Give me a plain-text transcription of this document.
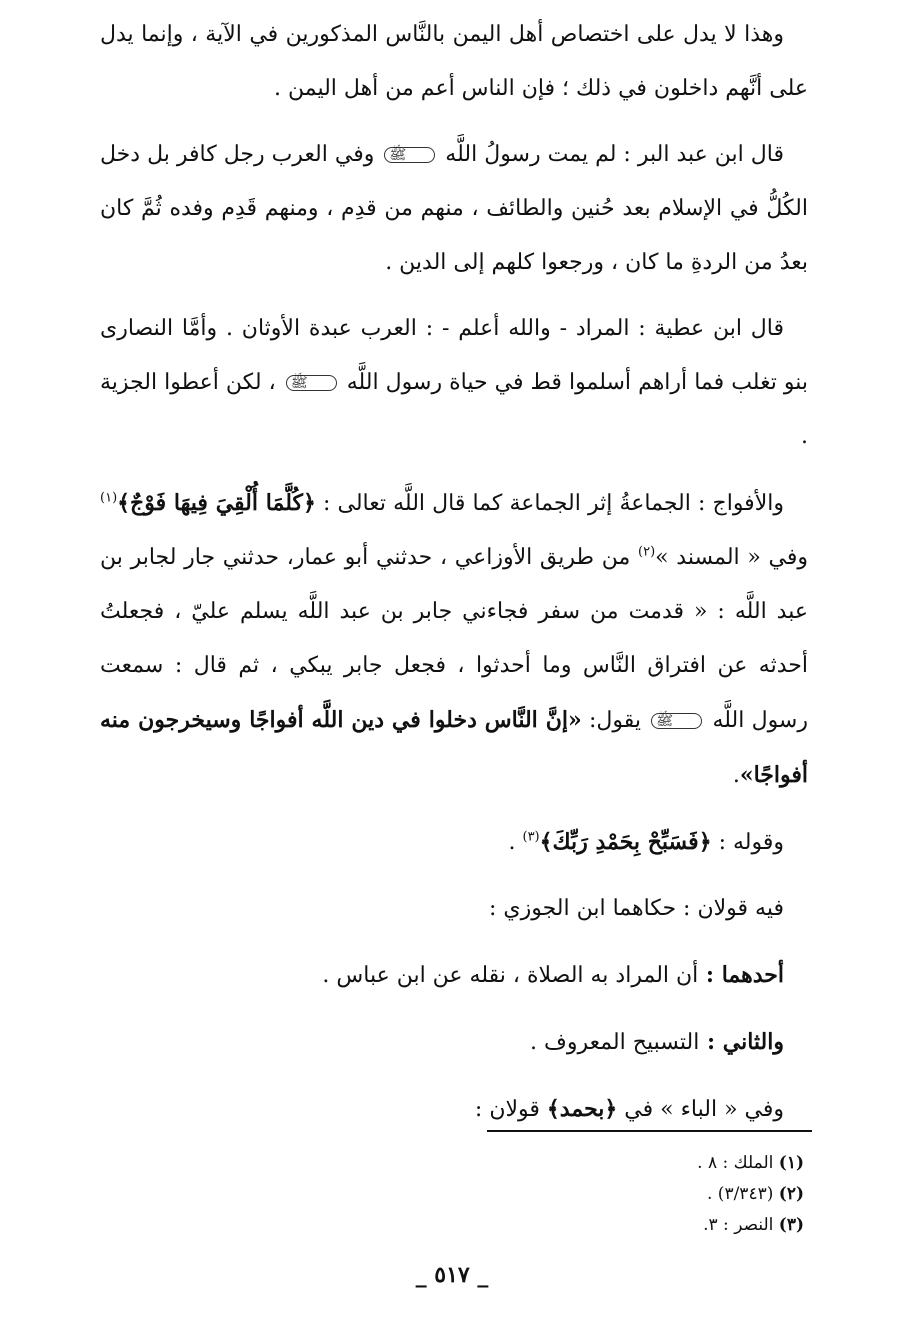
وهذا لا يدل على اختصاص أهل اليمن بالنَّاس المذكورين في الآية ، وإنما يدل على أنَّهم داخلون في ذلك ؛ فإن الناس أعم من أهل اليمن .

قال ابن عبد البر : لم يمت رسولُ اللَّه ﷺ وفي العرب رجل كافر بل دخل الكُلُّ في الإسلام بعد حُنين والطائف ، منهم من قدِم ، ومنهم قَدِم وفده ثُمَّ كان بعدُ من الردةِ ما كان ، ورجعوا كلهم إلى الدين .

قال ابن عطية : المراد - والله أعلم - : العرب عبدة الأوثان . وأمَّا النصارى بنو تغلب فما أراهم أسلموا قط في حياة رسول اللَّه ﷺ ، لكن أعطوا الجزية .

والأفواج : الجماعةُ إثر الجماعة كما قال اللَّه تعالى : ﴿كُلَّمَا أُلْقِيَ فِيهَا فَوْجٌ﴾$^{(١)}$ وفي « المسند »$^{(٢)}$ من طريق الأوزاعي ، حدثني أبو عمار، حدثني جار لجابر بن عبد اللَّه : « قدمت من سفر فجاءني جابر بن عبد اللَّه يسلم عليّ ، فجعلتُ أحدثه عن افتراق النَّاس وما أحدثوا ، فجعل جابر يبكي ، ثم قال : سمعت رسول اللَّه ﷺ يقول: «إنَّ النَّاس دخلوا في دين اللَّه أفواجًا وسيخرجون منه أفواجًا».

وقوله : ﴿فَسَبِّحْ بِحَمْدِ رَبِّكَ﴾$^{(٣)}$ .

فيه قولان : حكاهما ابن الجوزي :

أحدهما : أن المراد به الصلاة ، نقله عن ابن عباس .

والثاني : التسبيح المعروف .

وفي « الباء » في ﴿بحمد﴾ قولان :

(١) الملك : ٨ .
(٢) (٣/٣٤٣) .
(٣) النصر : ٣.
_ ٥١٧ _
